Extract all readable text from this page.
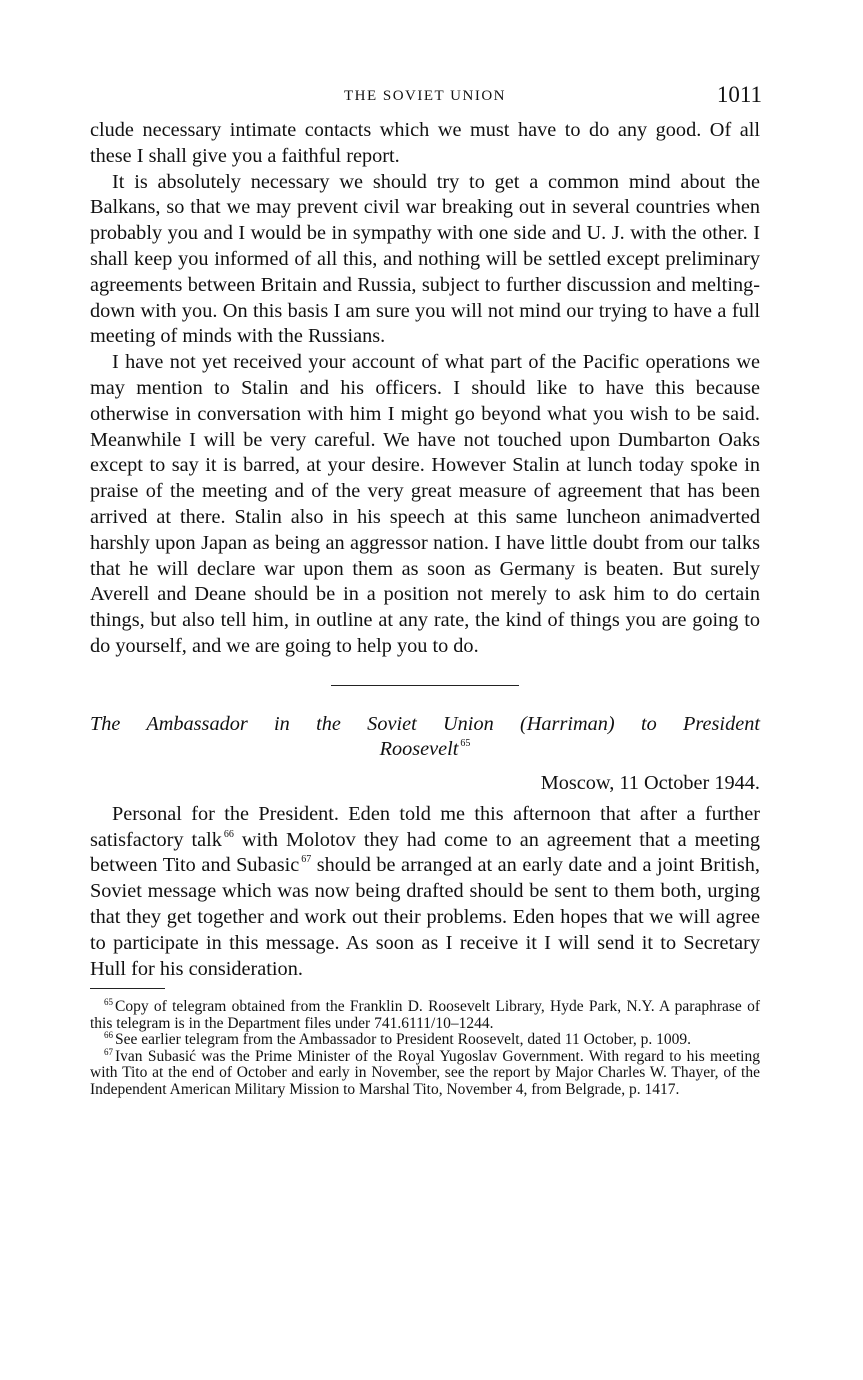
THE SOVIET UNION	1011

clude necessary intimate contacts which we must have to do any good. Of all these I shall give you a faithful report.

It is absolutely necessary we should try to get a common mind about the Balkans, so that we may prevent civil war breaking out in several countries when probably you and I would be in sympathy with one side and U. J. with the other. I shall keep you informed of all this, and nothing will be settled except preliminary agreements between Britain and Russia, subject to further discussion and melting-down with you. On this basis I am sure you will not mind our trying to have a full meeting of minds with the Russians.

I have not yet received your account of what part of the Pacific operations we may mention to Stalin and his officers. I should like to have this because otherwise in conversation with him I might go beyond what you wish to be said. Meanwhile I will be very careful. We have not touched upon Dumbarton Oaks except to say it is barred, at your desire. However Stalin at lunch today spoke in praise of the meeting and of the very great measure of agreement that has been arrived at there. Stalin also in his speech at this same luncheon animadverted harshly upon Japan as being an aggressor nation. I have little doubt from our talks that he will declare war upon them as soon as Germany is beaten. But surely Averell and Deane should be in a position not merely to ask him to do certain things, but also tell him, in outline at any rate, the kind of things you are going to do yourself, and we are going to help you to do.

The Ambassador in the Soviet Union (Harriman) to President
Roosevelt $^{65}$
Moscow, 11 October 1944.

Personal for the President. Eden told me this afternoon that after a further satisfactory talk $^{66}$ with Molotov they had come to an agreement that a meeting between Tito and Subasic $^{67}$ should be arranged at an early date and a joint British, Soviet message which was now being drafted should be sent to them both, urging that they get together and work out their problems. Eden hopes that we will agree to participate in this message. As soon as I receive it I will send it to Secretary Hull for his consideration.

$^{65}$ Copy of telegram obtained from the Franklin D. Roosevelt Library, Hyde Park, N.Y. A paraphrase of this telegram is in the Department files under 741.6111/10–1244.

$^{66}$ See earlier telegram from the Ambassador to President Roosevelt, dated 11 October, p. 1009.

$^{67}$ Ivan Subasić was the Prime Minister of the Royal Yugoslav Government. With regard to his meeting with Tito at the end of October and early in November, see the report by Major Charles W. Thayer, of the Independent American Military Mission to Marshal Tito, November 4, from Belgrade, p. 1417.
